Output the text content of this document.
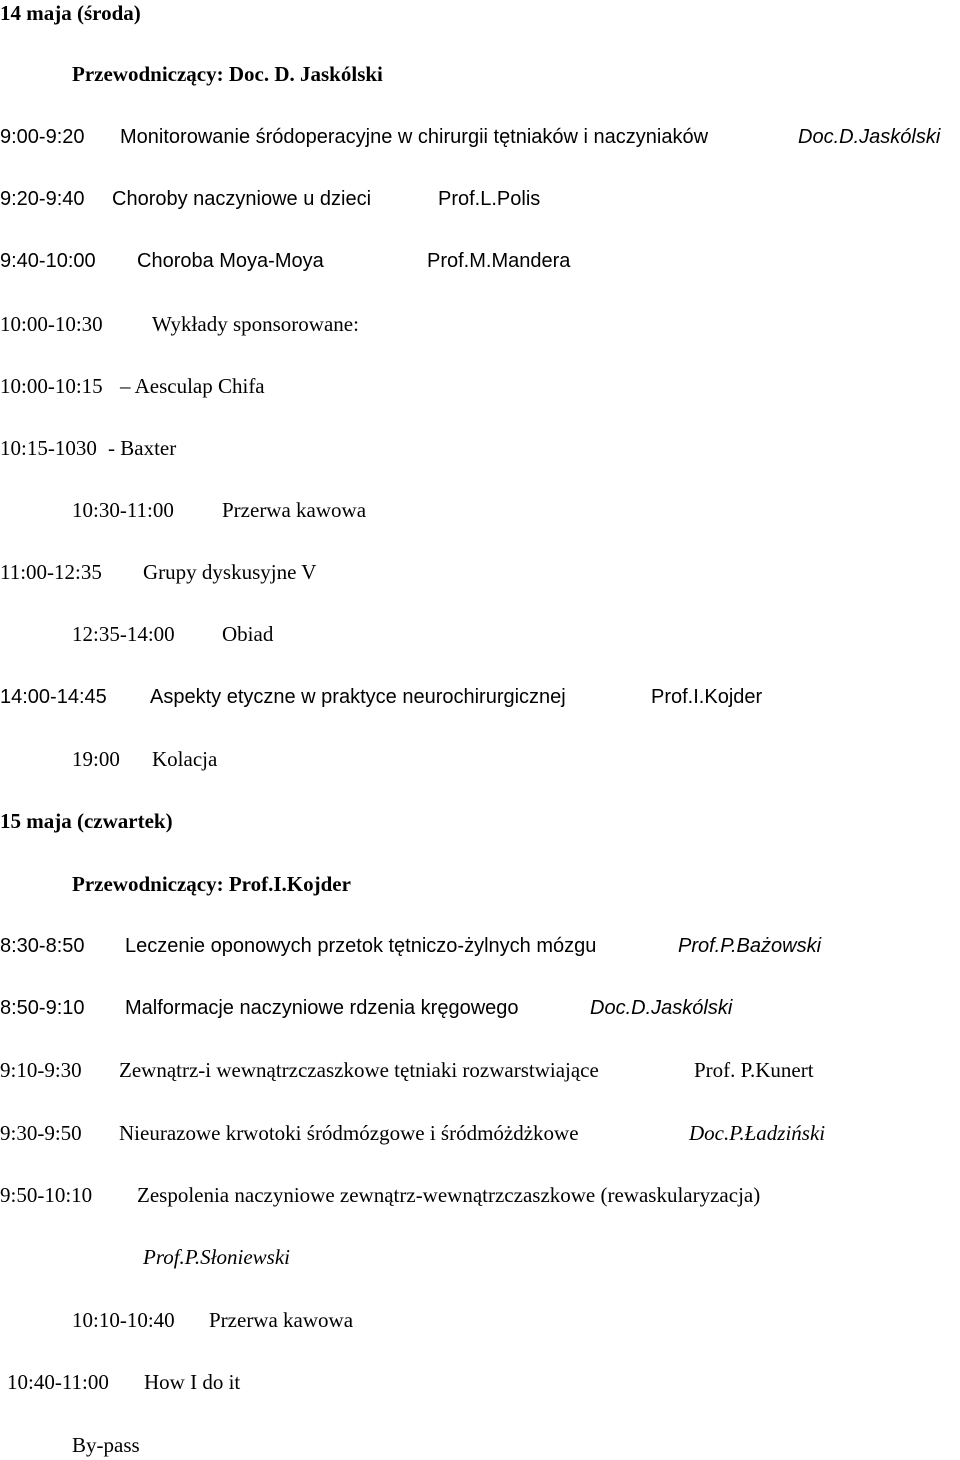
14 maja (środa)
Przewodniczący: Doc. D. Jaskólski
9:00-9:20 Monitorowanie śródoperacyjne w chirurgii tętniaków i naczyniaków	Doc.D.Jaskólski
9:20-9:40 Choroby naczyniowe u dzieci	Prof.L.Polis
9:40-10:00 Choroba Moya-Moya	Prof.M.Mandera
10:00-10:30 Wykłady sponsorowane:
10:00-10:15 – Aesculap Chifa
10:15-1030 - Baxter
10:30-11:00 Przerwa kawowa
11:00-12:35 Grupy dyskusyjne V
12:35-14:00 Obiad
14:00-14:45 Aspekty etyczne w praktyce neurochirurgicznej	Prof.I.Kojder
19:00 Kolacja
15 maja (czwartek)
Przewodniczący: Prof.I.Kojder
8:30-8:50 Leczenie oponowych przetok tętniczo-żylnych mózgu	Prof.P.Bażowski
8:50-9:10 Malformacje naczyniowe rdzenia kręgowego	Doc.D.Jaskólski
9:10-9:30 Zewnątrz-i wewnątrzczaszkowe tętniaki rozwarstwiające	Prof. P.Kunert
9:30-9:50 Nieurazowe krwotoki śródmózgowe i śródmóżdżkowe	Doc.P.Ładziński
9:50-10:10 Zespolenia naczyniowe zewnątrz-wewnątrzczaszkowe (rewaskularyzacja)
Prof.P.Słoniewski
10:10-10:40 Przerwa kawowa
10:40-11:00 How I do it
By-pass
